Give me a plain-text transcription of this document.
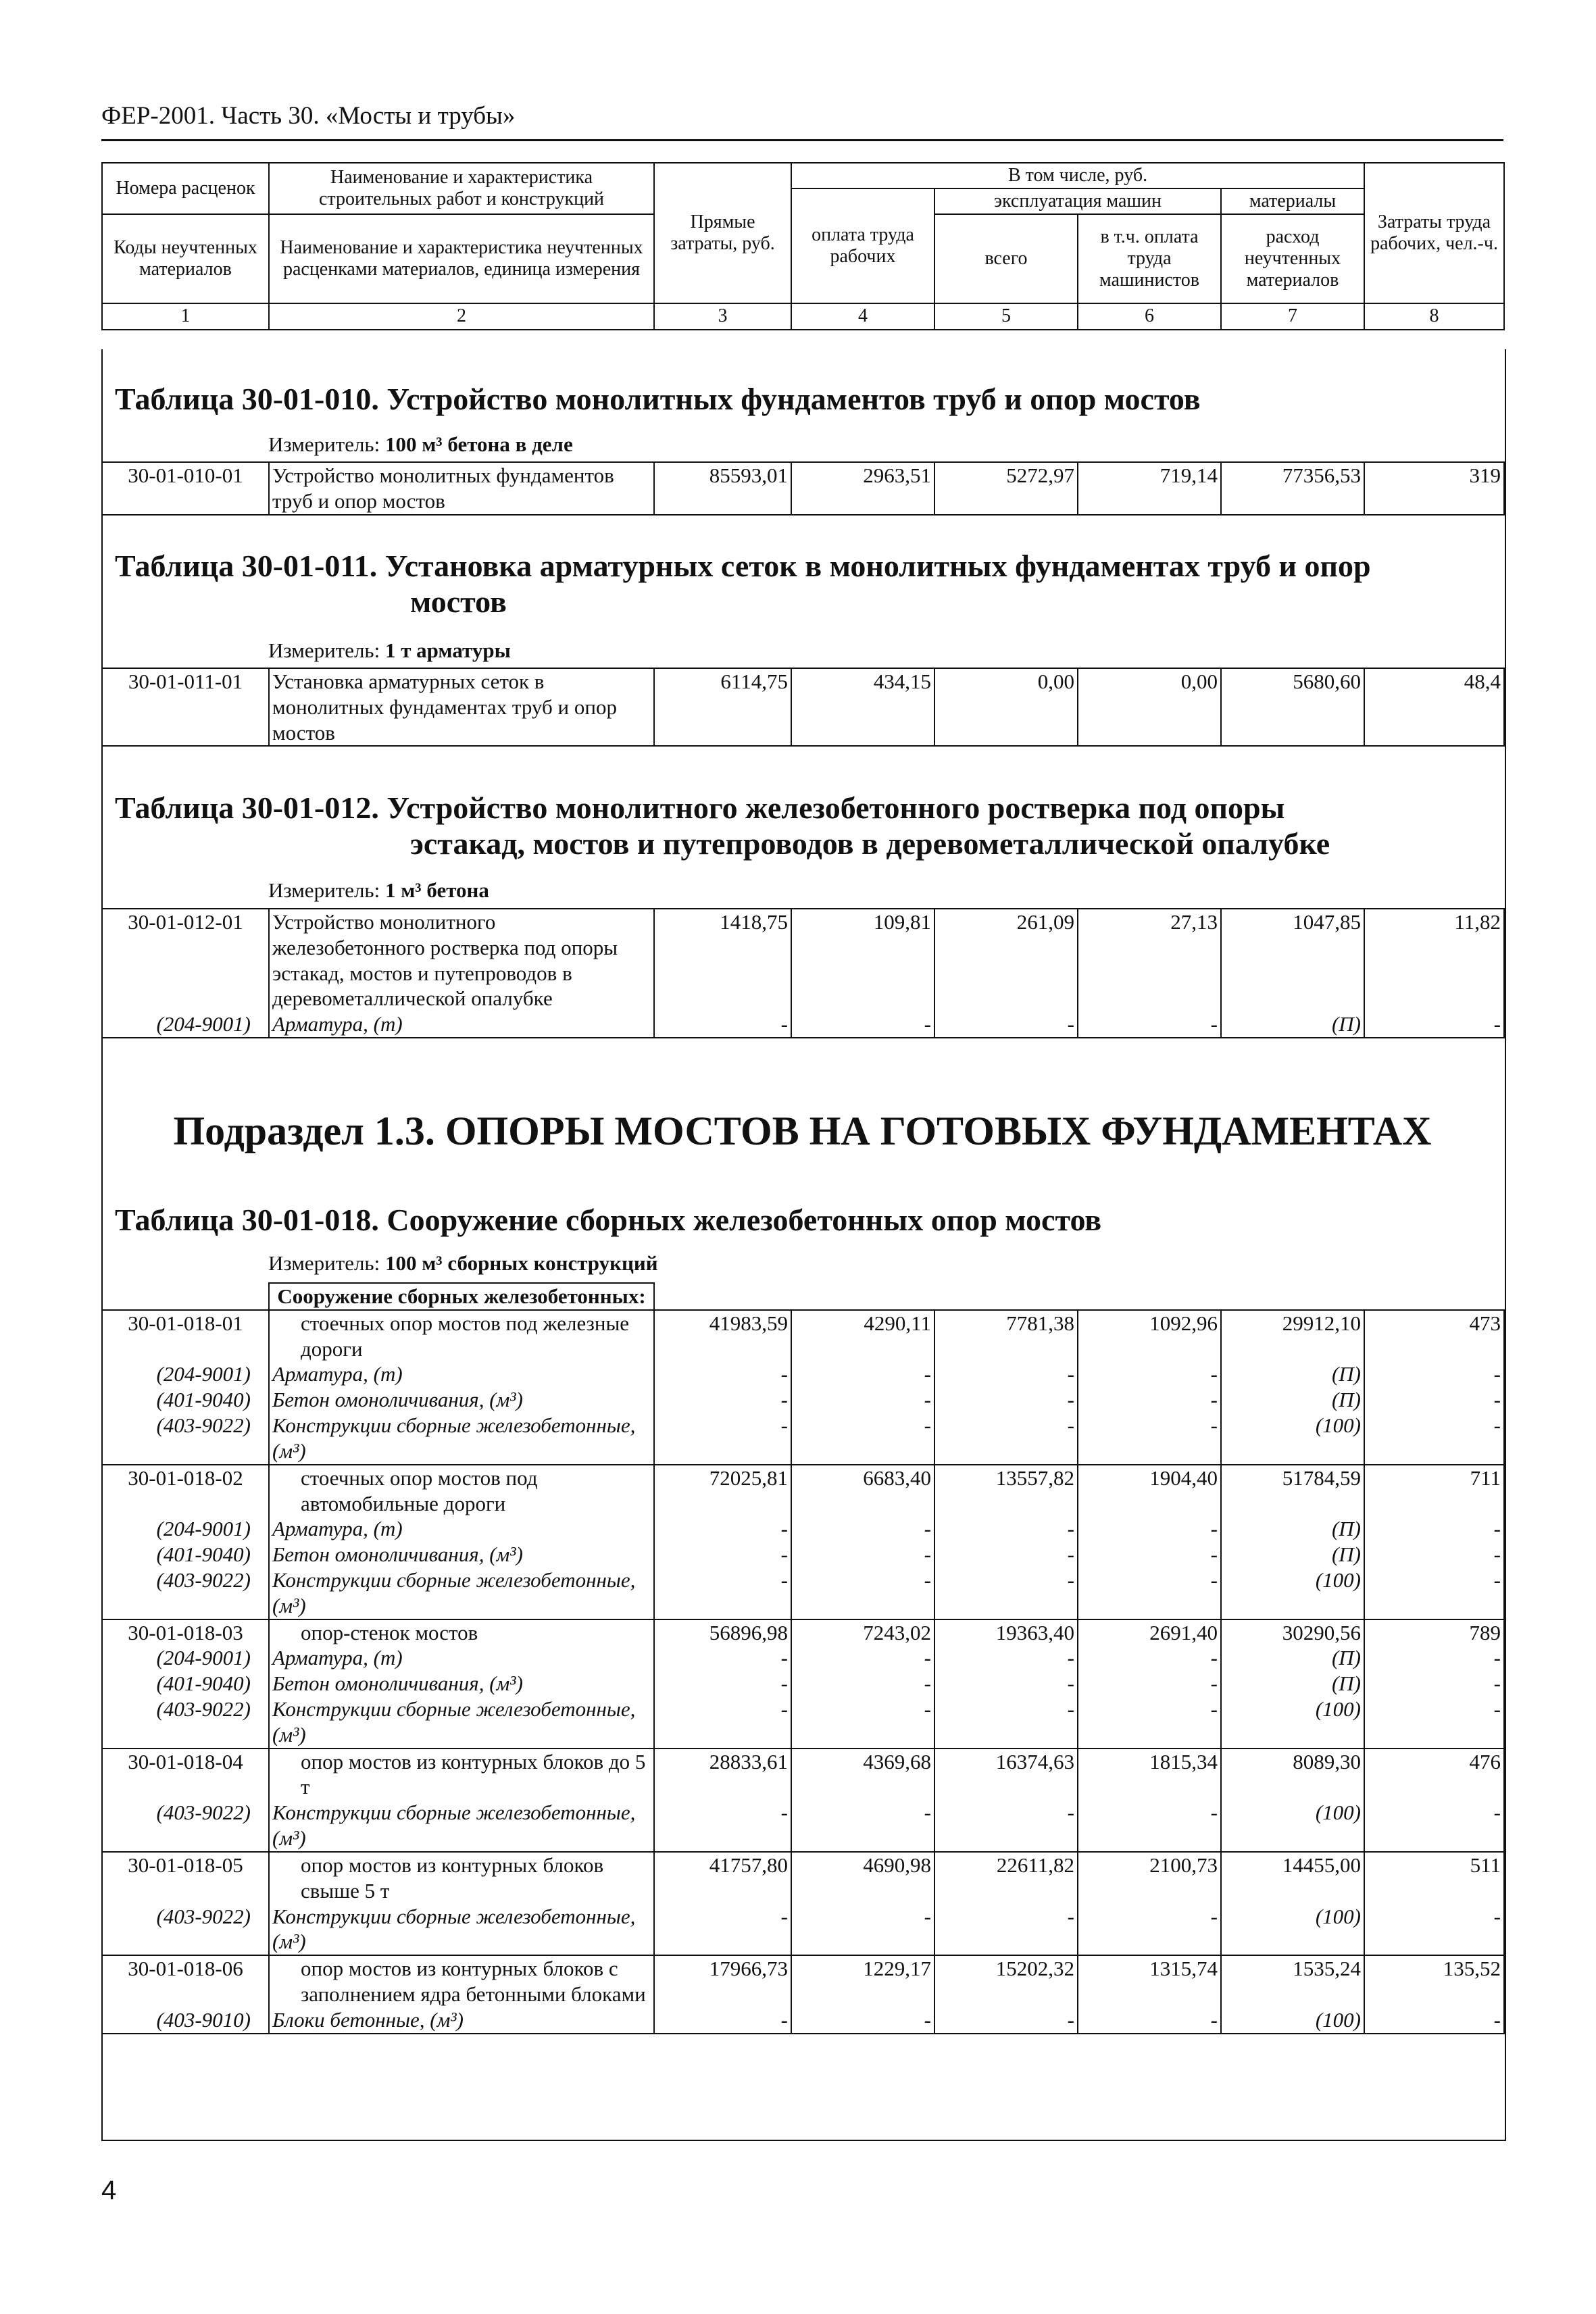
ФЕР-2001. Часть 30. «Мосты и трубы»
Номера расценок	Наименование и характеристика строительных работ и конструкций	Прямые затраты, руб.	В том числе, руб.				Затраты труда рабочих, чел.-ч.
			оплата труда рабочих	эксплуатация машин		материалы	
Коды неучтенных материалов	Наименование и характеристика неучтенных расценками материалов, единица измерения			всего	в т.ч. оплата труда машинистов	расход неучтенных материалов	

1	2	3	4	5	6	7	8
Таблица 30-01-010. Устройство монолитных фундаментов труб и опор мостов
Измеритель: 100 м³ бетона в деле
30-01-010-01	Устройство монолитных фундаментов труб и опор мостов	85593,01	2963,51	5272,97	719,14	77356,53	319
Таблица 30-01-011. Установка арматурных сеток в монолитных фундаментах труб и опор
мостов
Измеритель: 1 т арматуры
30-01-011-01	Установка арматурных сеток в монолитных фундаментах труб и опор мостов	6114,75	434,15	0,00	0,00	5680,60	48,4
Таблица 30-01-012. Устройство монолитного железобетонного ростверка под опоры
эстакад, мостов и путепроводов в деревометаллической опалубке
Измеритель: 1 м³ бетона
30-01-012-01	Устройство монолитного железобетонного ростверка под опоры эстакад, мостов и путепроводов в деревометаллической опалубке	1418,75	109,81	261,09	27,13	1047,85	11,82
(204-9001)	Арматура, (т)	-	-	-	-	(П)	-
Подраздел 1.3. ОПОРЫ МОСТОВ НА ГОТОВЫХ ФУНДАМЕНТАХ
Таблица 30-01-018. Сооружение сборных железобетонных опор мостов
Измеритель: 100 м³ сборных конструкций
	Сооружение сборных железобетонных:						
30-01-018-01	стоечных опор мостов под железные дороги	41983,59	4290,11	7781,38	1092,96	29912,10	473
(204-9001)	Арматура, (т)	-	-	-	-	(П)	-
(401-9040)	Бетон омоноличивания, (м³)	-	-	-	-	(П)	-
(403-9022)	Конструкции сборные железобетонные, (м³)	-	-	-	-	(100)	-
30-01-018-02	стоечных опор мостов под автомобильные дороги	72025,81	6683,40	13557,82	1904,40	51784,59	711
(204-9001)	Арматура, (т)	-	-	-	-	(П)	-
(401-9040)	Бетон омоноличивания, (м³)	-	-	-	-	(П)	-
(403-9022)	Конструкции сборные железобетонные, (м³)	-	-	-	-	(100)	-
30-01-018-03	опор-стенок мостов	56896,98	7243,02	19363,40	2691,40	30290,56	789
(204-9001)	Арматура, (т)	-	-	-	-	(П)	-
(401-9040)	Бетон омоноличивания, (м³)	-	-	-	-	(П)	-
(403-9022)	Конструкции сборные железобетонные, (м³)	-	-	-	-	(100)	-
30-01-018-04	опор мостов из контурных блоков до 5 т	28833,61	4369,68	16374,63	1815,34	8089,30	476
(403-9022)	Конструкции сборные железобетонные, (м³)	-	-	-	-	(100)	-
30-01-018-05	опор мостов из контурных блоков свыше 5 т	41757,80	4690,98	22611,82	2100,73	14455,00	511
(403-9022)	Конструкции сборные железобетонные, (м³)	-	-	-	-	(100)	-
30-01-018-06	опор мостов из контурных блоков с заполнением ядра бетонными блоками	17966,73	1229,17	15202,32	1315,74	1535,24	135,52
(403-9010)	Блоки бетонные, (м³)	-	-	-	-	(100)	-
4
